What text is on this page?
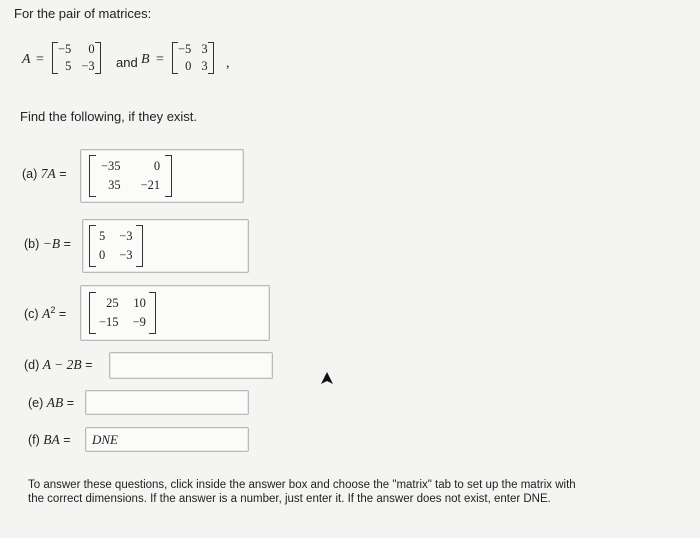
For the pair of matrices:
A =
−5	0
5 −3 and B =
−5 3
0 3 ,
Find the following, if they exist.
(a) 7A =
−35	0
35 −21
(b) −B =
5 −3
0 −3
(c) $A^2$ =
25 10
−15 −9
(d) A − 2B =
(e) AB =
(f) BA = DNE
To answer these questions, click inside the answer box and choose the "matrix" tab to set up the matrix with the correct dimensions. If the answer is a number, just enter it. If the answer does not exist, enter DNE.
